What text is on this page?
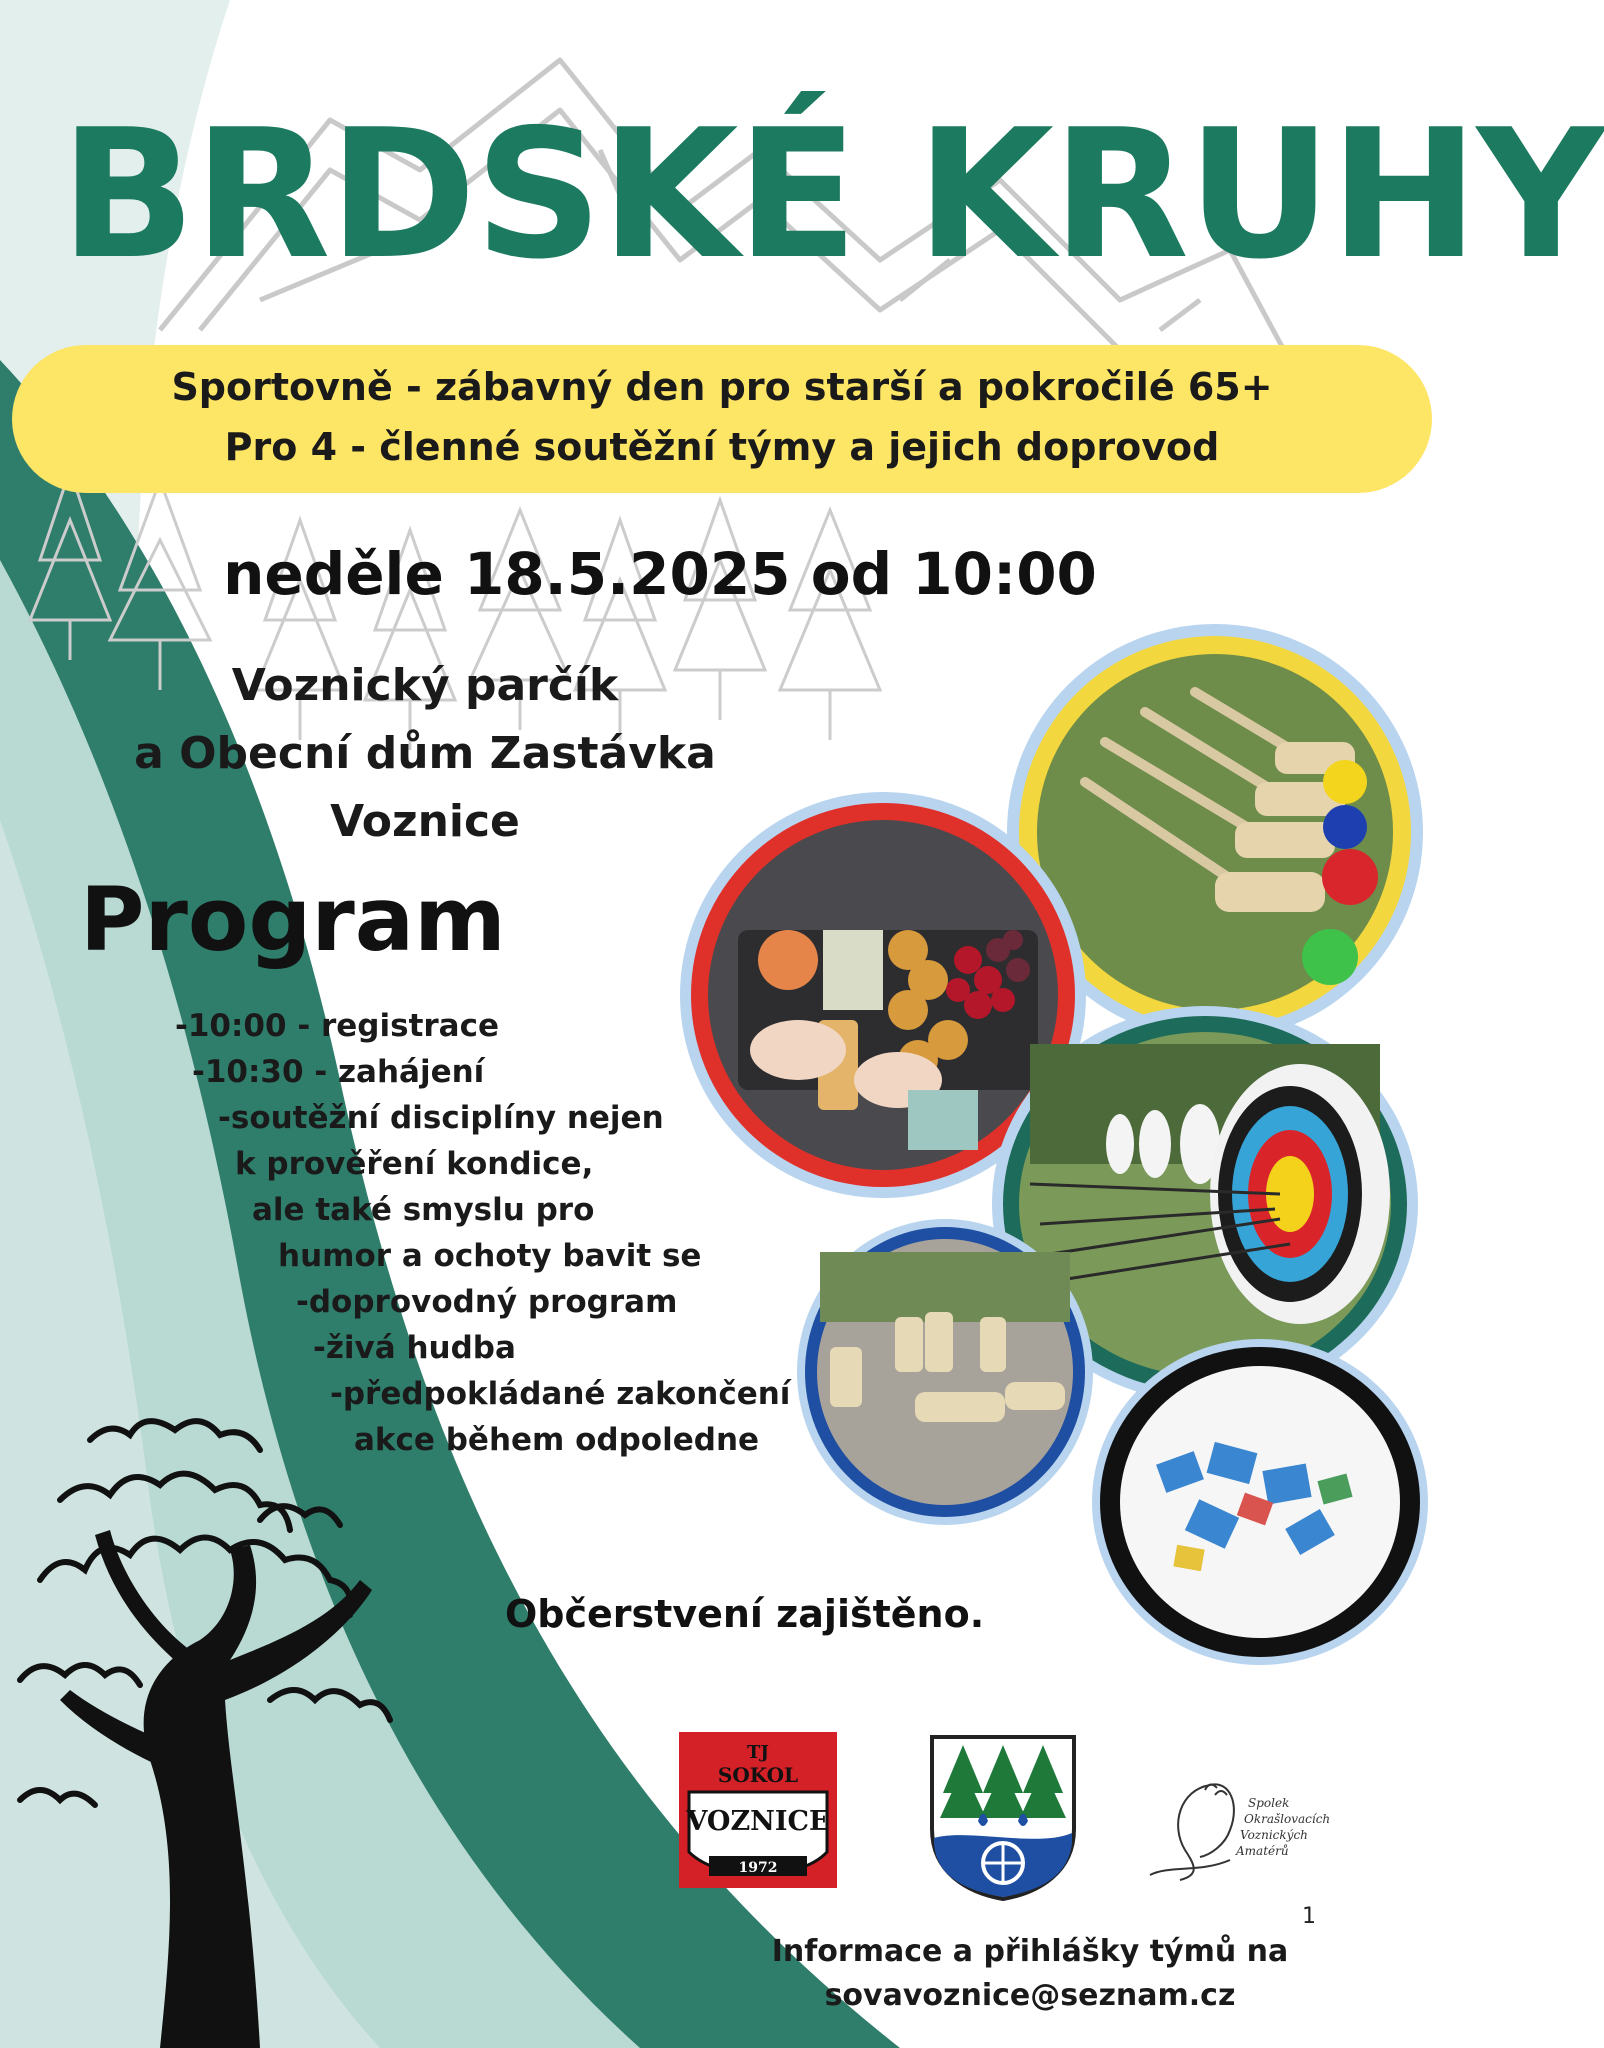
BRDSKÉ KRUHY
Sportovně - zábavný den pro starší a pokročilé 65+
Pro 4 - členné soutěžní týmy a jejich doprovod
neděle 18.5.2025 od 10:00
Voznický parčík
a Obecní dům Zastávka
Voznice
Program
-10:00 - registrace
-10:30 - zahájení
-soutěžní disciplíny nejen
k prověření kondice,
ale také smyslu pro
humor a ochoty bavit se
-doprovodný program
-živá hudba
-předpokládané zakončení
akce během odpoledne
Občerstvení zajištěno.
TJ
SOKOL
VOZNICE
1972
Spolek
Okrašlovacích
Voznických
Amatérů
1
Informace a přihlášky týmů na
sovavoznice@seznam.cz
